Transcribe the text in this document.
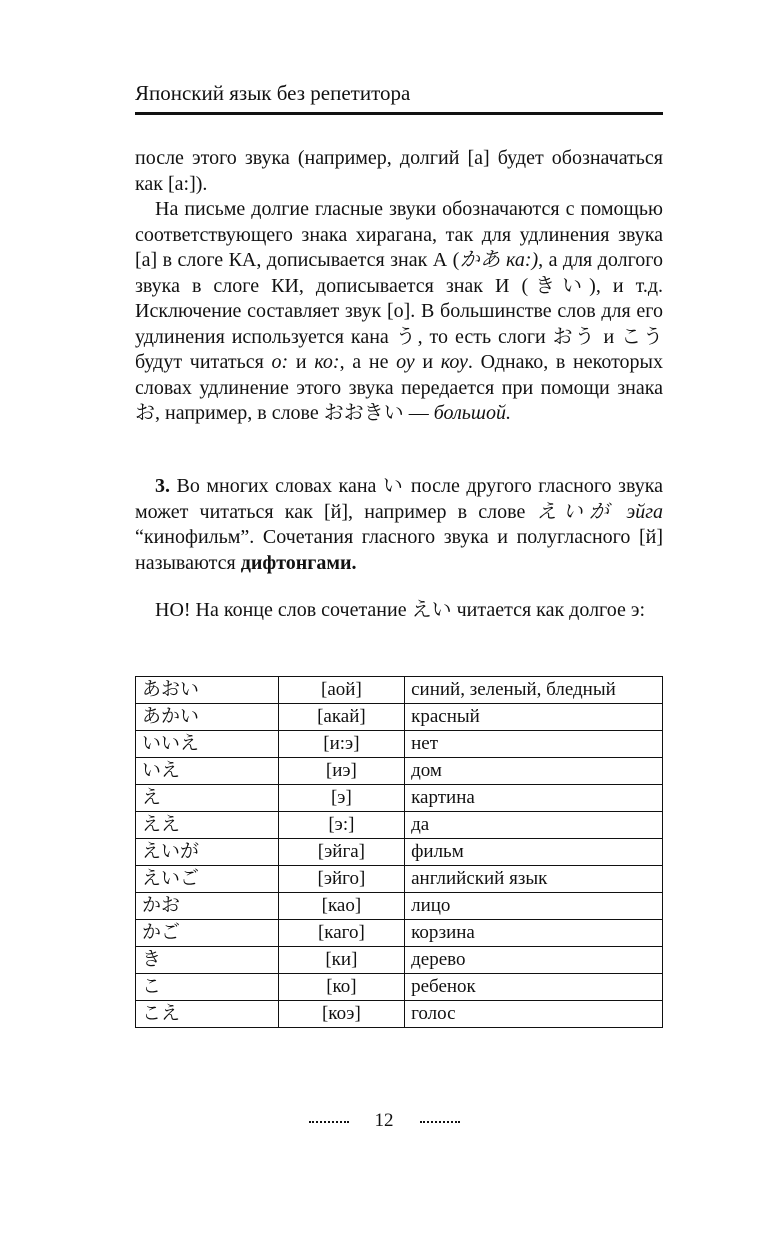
Японский язык без репетитора

после этого звука (например, долгий [а] будет обозначаться как [а:]).

На письме долгие гласные звуки обозначаются с помощью соответствующего знака хирагана, так для удлинения звука [а] в слоге КА, дописывается знак А (かあ ка:), а для долгого звука в слоге КИ, дописывается знак И (きい), и т.д. Исключение составляет звук [о]. В большинстве слов для его удлинения используется кана う, то есть слоги おう и こう будут читаться о: и ко:, а не оу и коу. Однако, в некоторых словах удлинение этого звука передается при помощи знака お, например, в слове おおきい — большой.

3. Во многих словах кана い после другого гласного звука может читаться как [й], например в слове えいが эйга “кинофильм”. Сочетания гласного звука и полугласного [й] называются дифтонгами.

НО! На конце слов сочетание えい читается как долгое э:

あおい	[аой]	синий, зеленый, бледный
あかい	[акай]	красный
いいえ	[и:э]	нет
いえ	[иэ]	дом
え	[э]	картина
ええ	[э:]	да
えいが	[эйга]	фильм
えいご	[эйго]	английский язык
かお	[као]	лицо
かご	[каго]	корзина
き	[ки]	дерево
こ	[ко]	ребенок
こえ	[коэ]	голос
12
